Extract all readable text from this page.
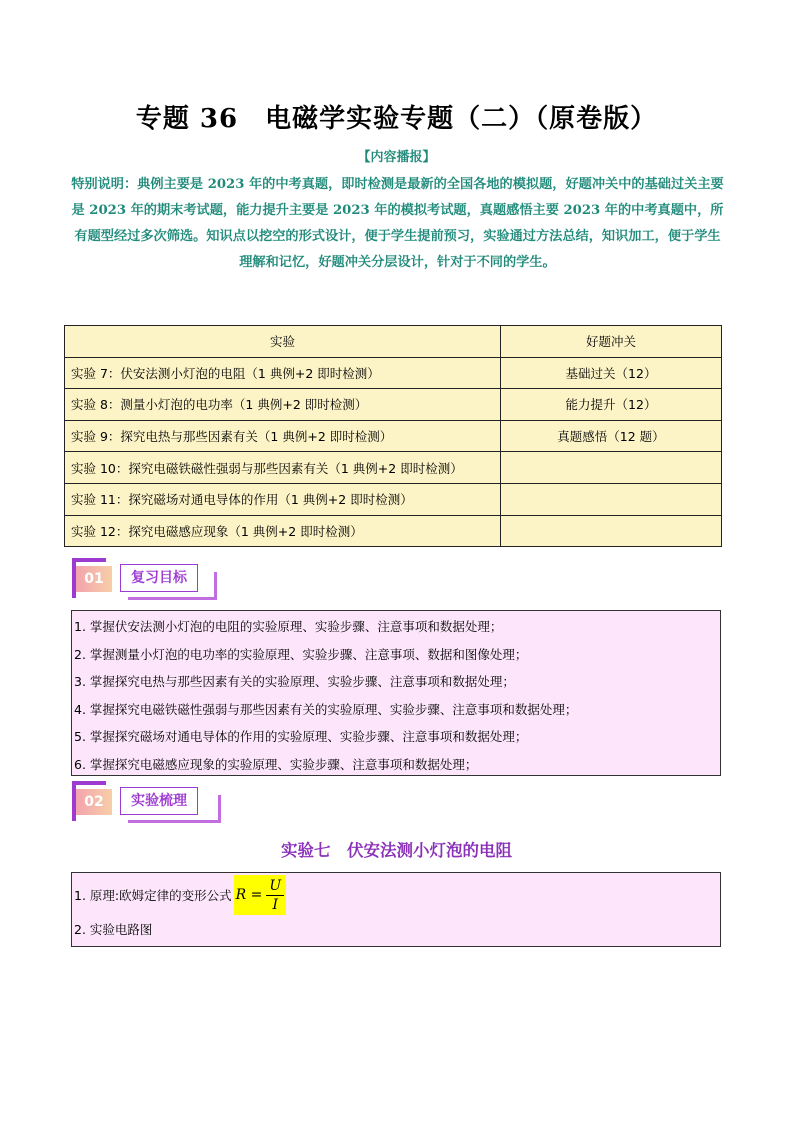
专题 36　电磁学实验专题（二）（原卷版）
【内容播报】
特别说明：典例主要是 2023 年的中考真题，即时检测是最新的全国各地的模拟题，好题冲关中的基础过关主要是 2023 年的期末考试题，能力提升主要是 2023 年的模拟考试题，真题感悟主要 2023 年的中考真题中，所有题型经过多次筛选。知识点以挖空的形式设计，便于学生提前预习，实验通过方法总结，知识加工，便于学生理解和记忆，好题冲关分层设计，针对于不同的学生。
实验	好题冲关
实验 7：伏安法测小灯泡的电阻（1 典例+2 即时检测）	基础过关（12）
实验 8：测量小灯泡的电功率（1 典例+2 即时检测）	能力提升（12）
实验 9：探究电热与那些因素有关（1 典例+2 即时检测）	真题感悟（12 题）
实验 10：探究电磁铁磁性强弱与那些因素有关（1 典例+2 即时检测）	
实验 11：探究磁场对通电导体的作用（1 典例+2 即时检测）	
实验 12：探究电磁感应现象（1 典例+2 即时检测）	
01	复习目标
1. 掌握伏安法测小灯泡的电阻的实验原理、实验步骤、注意事项和数据处理；
2. 掌握测量小灯泡的电功率的实验原理、实验步骤、注意事项、数据和图像处理；
3. 掌握探究电热与那些因素有关的实验原理、实验步骤、注意事项和数据处理；
4. 掌握探究电磁铁磁性强弱与那些因素有关的实验原理、实验步骤、注意事项和数据处理；
5. 掌握探究磁场对通电导体的作用的实验原理、实验步骤、注意事项和数据处理；
6. 掌握探究电磁感应现象的实验原理、实验步骤、注意事项和数据处理；
02	实验梳理
实验七　伏安法测小灯泡的电阻
1. 原理:欧姆定律的变形公式 $R = \frac{U}{I}$
2. 实验电路图
